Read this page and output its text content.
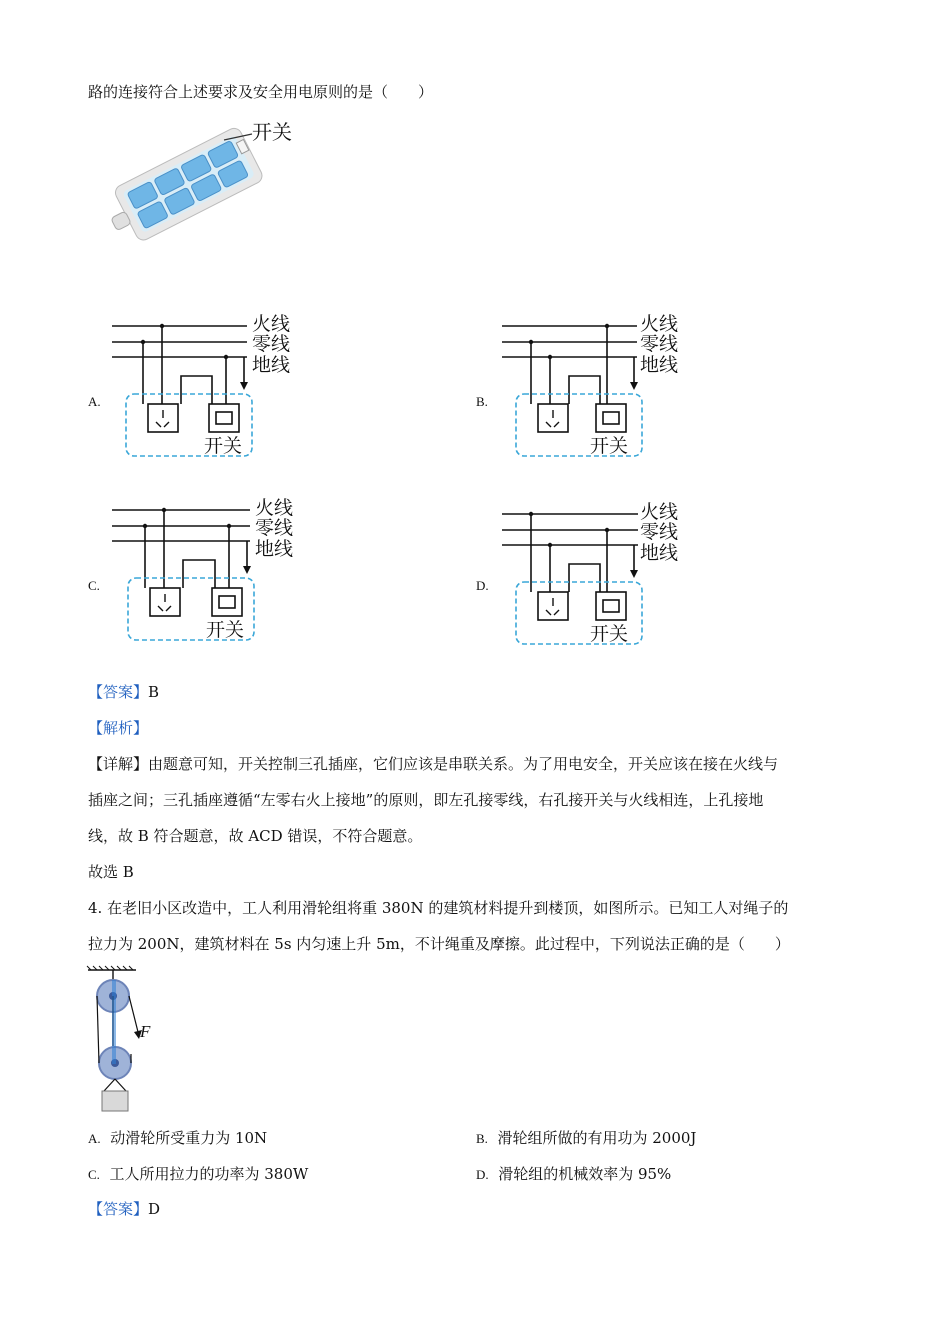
路的连接符合上述要求及安全用电原则的是（　　）
开关
A.	B.
C.	D.
火线
零线
地线
开关
火线
零线
地线
开关
火线
零线
地线
开关
火线
零线
地线
开关
【答案】B
【解析】
【详解】由题意可知，开关控制三孔插座，它们应该是串联关系。为了用电安全，开关应该在接在火线与
插座之间；三孔插座遵循“左零右火上接地”的原则，即左孔接零线，右孔接开关与火线相连，上孔接地
线，故 B 符合题意，故 ACD 错误，不符合题意。
故选 B
4. 在老旧小区改造中，工人利用滑轮组将重 380N 的建筑材料提升到楼顶，如图所示。已知工人对绳子的
拉力为 200N，建筑材料在 5s 内匀速上升 5m，不计绳重及摩擦。此过程中，下列说法正确的是（　　）
F
A. 动滑轮所受重力为 10N	B. 滑轮组所做的有用功为 2000J
C. 工人所用拉力的功率为 380W	D. 滑轮组的机械效率为 95%
【答案】D
